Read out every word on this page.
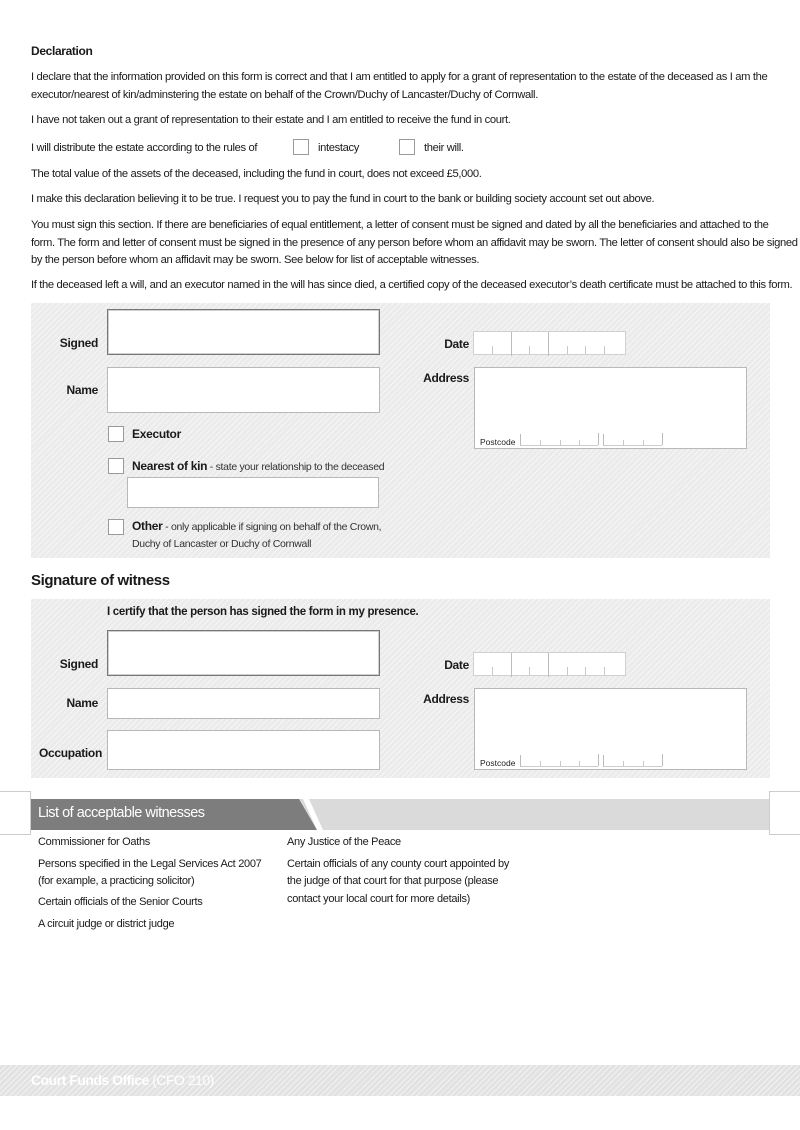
Declaration
I declare that the information provided on this form is correct and that I am entitled to apply for a grant of representation to the estate of the deceased as I am the
executor/nearest of kin/adminstering the estate on behalf of the Crown/Duchy of Lancaster/Duchy of Cornwall.
I have not taken out a grant of representation to their estate and I am entitled to receive the fund in court.
I will distribute the estate according to the rules of	intestacy	their will.
The total value of the assets of the deceased, including the fund in court, does not exceed £5,000.
I make this declaration believing it to be true. I request you to pay the fund in court to the bank or building society account set out above.
You must sign this section. If there are beneficiaries of equal entitlement, a letter of consent must be signed and dated by all the beneficiaries and attached to the
form. The form and letter of consent must be signed in the presence of any person before whom an affidavit may be sworn. The letter of consent should also be signed
by the person before whom an affidavit may be sworn. See below for list of acceptable witnesses.
If the deceased left a will, and an executor named in the will has since died, a certified copy of the deceased executor’s death certificate must be attached to this form.
Signed
Name
Executor
Nearest of kin - state your relationship to the deceased
Other - only applicable if signing on behalf of the Crown,
Duchy of Lancaster or Duchy of Cornwall
Date
Address
Postcode
Signature of witness
I certify that the person has signed the form in my presence.
Signed
Name
Occupation
Date
Address
Postcode
List of acceptable witnesses
Commissioner for Oaths
Persons specified in the Legal Services Act 2007
(for example, a practicing solicitor)
Certain officials of the Senior Courts
A circuit judge or district judge
Any Justice of the Peace
Certain officials of any county court appointed by
the judge of that court for that purpose (please
contact your local court for more details)
Court Funds Office (CFO 210)
